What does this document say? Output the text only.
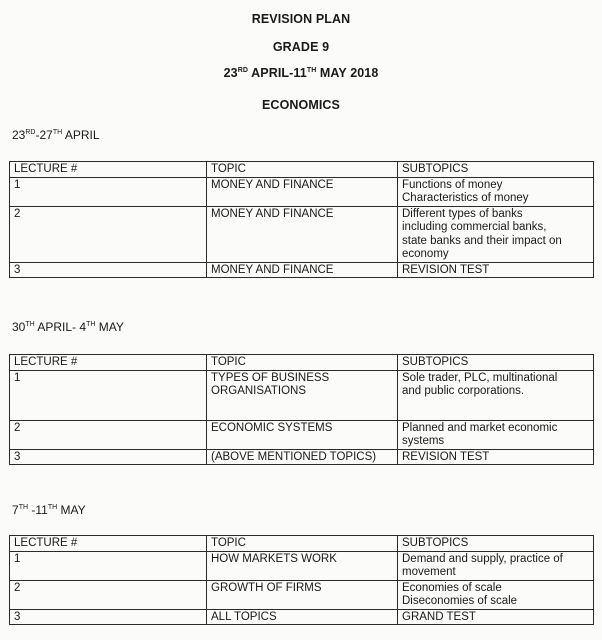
REVISION PLAN
GRADE 9
23RD APRIL-11TH MAY 2018
ECONOMICS
23RD-27TH APRIL
LECTURE #	TOPIC	SUBTOPICS
1	MONEY AND FINANCE	Functions of money
Characteristics of money

2	MONEY AND FINANCE	Different types of banks
including commercial banks,
state banks and their impact on
economy

3	MONEY AND FINANCE	REVISION TEST
30TH APRIL- 4TH MAY
LECTURE #	TOPIC	SUBTOPICS
1	TYPES OF BUSINESS
ORGANISATIONS	Sole trader, PLC, multinational
and public corporations.

2	ECONOMIC SYSTEMS	Planned and market economic
systems

3	(ABOVE MENTIONED TOPICS)	REVISION TEST
7TH -11TH MAY
LECTURE #	TOPIC	SUBTOPICS
1	HOW MARKETS WORK	Demand and supply, practice of
movement

2	GROWTH OF FIRMS	Economies of scale
Diseconomies of scale

3	ALL TOPICS	GRAND TEST
